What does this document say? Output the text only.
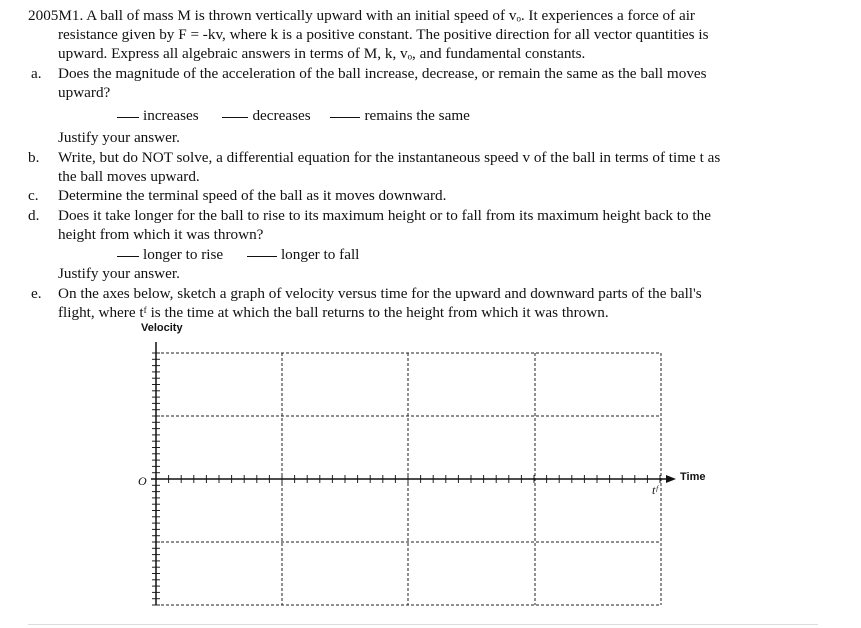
2005M1. A ball of mass M is thrown vertically upward with an initial speed of vₒ. It experiences a force of air
resistance given by F = -kv, where k is a positive constant. The positive direction for all vector quantities is
upward. Express all algebraic answers in terms of M, k, vₒ, and fundamental constants.
a. Does the magnitude of the acceleration of the ball increase, decrease, or remain the same as the ball moves
upward?
increases	decreases	remains the same
Justify your answer.
b. Write, but do NOT solve, a differential equation for the instantaneous speed v of the ball in terms of time t as
the ball moves upward.
c. Determine the terminal speed of the ball as it moves downward.
d. Does it take longer for the ball to rise to its maximum height or to fall from its maximum height back to the
height from which it was thrown?
longer to rise	longer to fall
Justify your answer.
e. On the axes below, sketch a graph of velocity versus time for the upward and downward parts of the ball's
flight, where tᶠ is the time at which the ball returns to the height from which it was thrown.
Velocity
Time
O
tᶠ
